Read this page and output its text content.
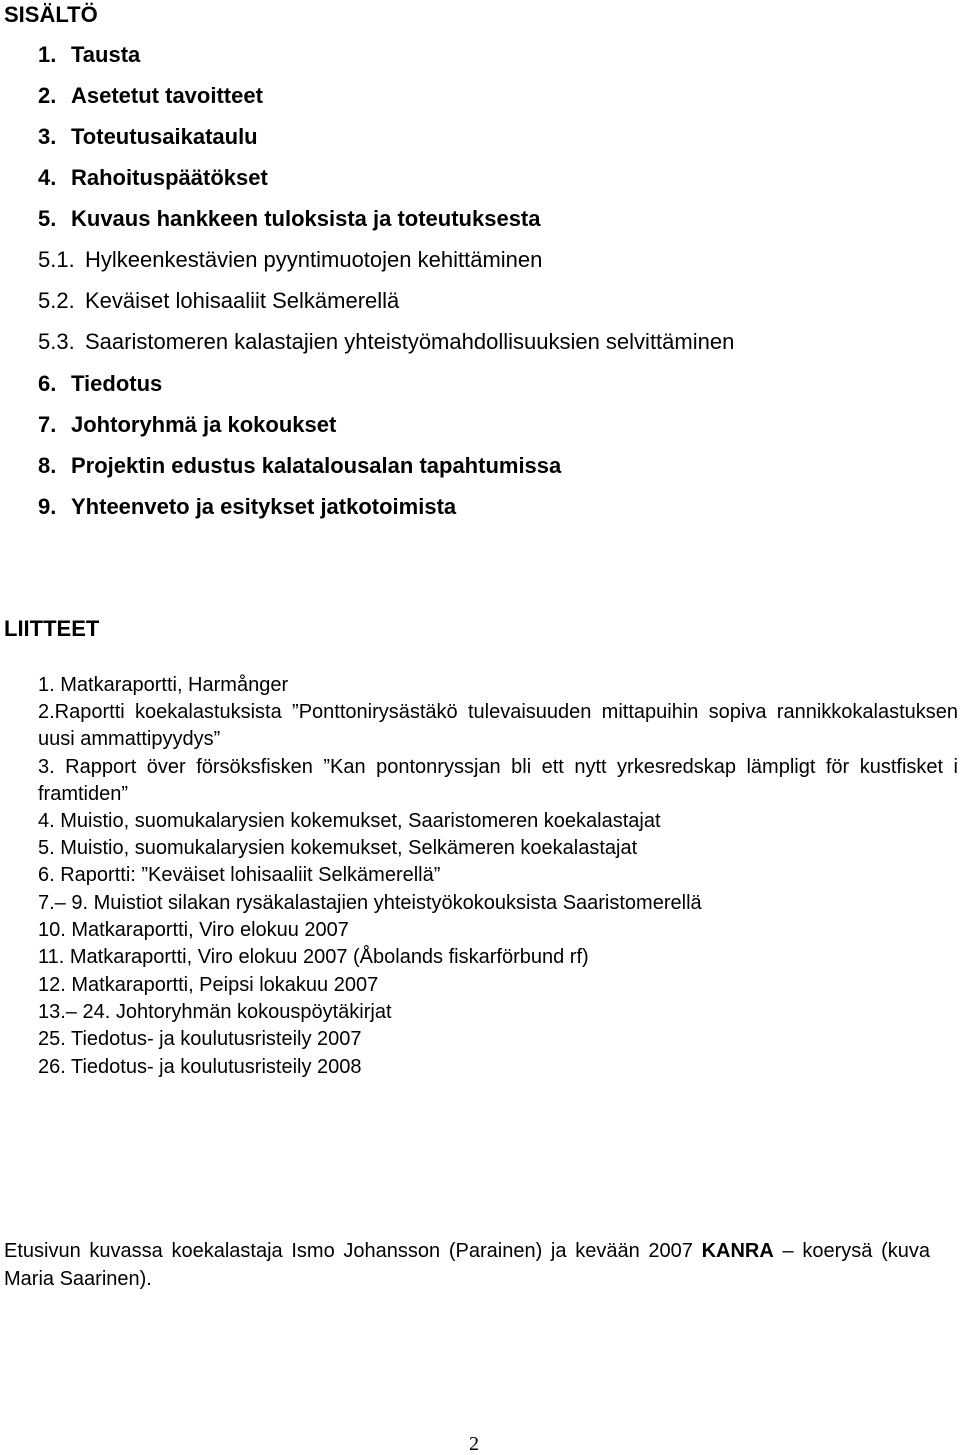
SISÄLTÖ
1. Tausta
2. Asetetut tavoitteet
3. Toteutusaikataulu
4. Rahoituspäätökset
5. Kuvaus hankkeen tuloksista ja toteutuksesta
5.1. Hylkeenkestävien pyyntimuotojen kehittäminen
5.2. Keväiset lohisaaliit Selkämerellä
5.3. Saaristomeren kalastajien yhteistyömahdollisuuksien selvittäminen
6. Tiedotus
7. Johtoryhmä ja kokoukset
8. Projektin edustus kalatalousalan tapahtumissa
9. Yhteenveto ja esitykset jatkotoimista
LIITTEET
1. Matkaraportti, Harmånger
2.Raportti koekalastuksista ”Ponttonirysästäkö tulevaisuuden mittapuihin sopiva rannikkokalastuksen uusi ammattipyydys”
3. Rapport över försöksfisken ”Kan pontonryssjan bli ett nytt yrkesredskap lämpligt för kustfisket i framtiden”
4. Muistio, suomukalarysien kokemukset, Saaristomeren koekalastajat
5. Muistio, suomukalarysien kokemukset, Selkämeren koekalastajat
6. Raportti: ”Keväiset lohisaaliit Selkämerellä”
7.– 9. Muistiot silakan rysäkalastajien yhteistyökokouksista Saaristomerellä
10. Matkaraportti, Viro elokuu 2007
11. Matkaraportti, Viro elokuu 2007 (Åbolands fiskarförbund rf)
12. Matkaraportti, Peipsi lokakuu 2007
13.– 24. Johtoryhmän kokouspöytäkirjat
25. Tiedotus- ja koulutusristeily 2007
26. Tiedotus- ja koulutusristeily 2008

Etusivun kuvassa koekalastaja Ismo Johansson (Parainen) ja kevään 2007 KANRA – koerysä (kuva Maria Saarinen).

2
